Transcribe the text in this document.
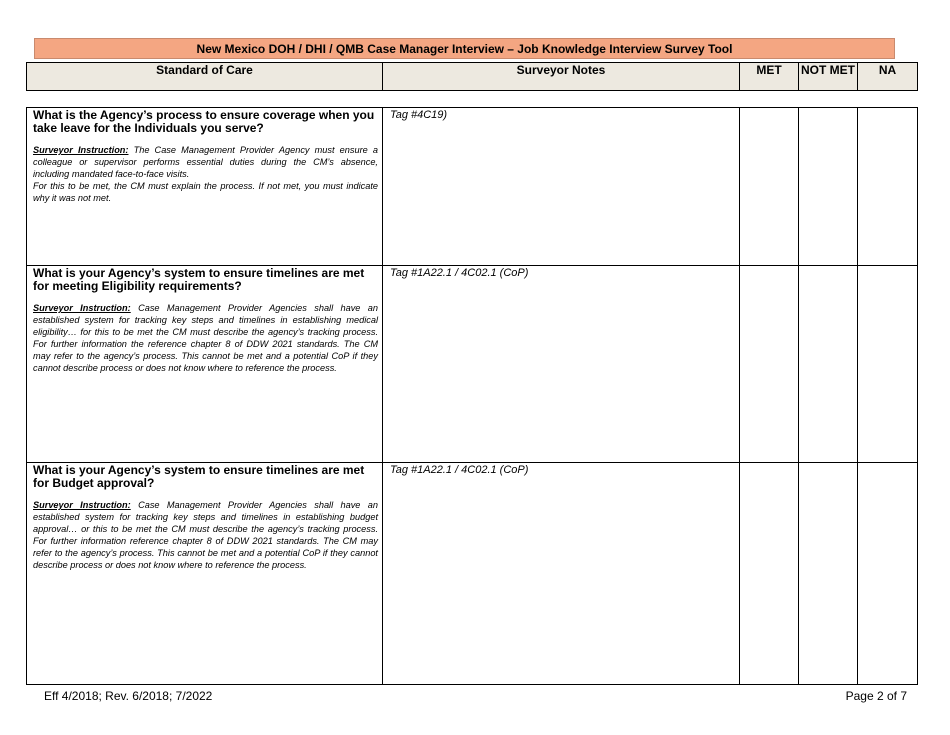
New Mexico DOH / DHI / QMB Case Manager Interview – Job Knowledge Interview Survey Tool
Standard of Care	Surveyor Notes	MET	NOT MET	NA

What is the Agency’s process to ensure coverage when you take leave for the Individuals you serve?

Surveyor Instruction: The Case Management Provider Agency must ensure a colleague or supervisor performs essential duties during the CM’s absence, including mandated face-to-face visits.
For this to be met, the CM must explain the process. If not met, you must indicate why it was not met.	Tag #4C19)			

What is your Agency’s system to ensure timelines are met for meeting Eligibility requirements?

Surveyor Instruction: Case Management Provider Agencies shall have an established system for tracking key steps and timelines in establishing medical eligibility… for this to be met the CM must describe the agency’s tracking process. For further information the reference chapter 8 of DDW 2021 standards. The CM may refer to the agency’s process. This cannot be met and a potential CoP if they cannot describe process or does not know where to reference the process.	Tag #1A22.1 / 4C02.1 (CoP)			

What is your Agency’s system to ensure timelines are met for Budget approval?

Surveyor Instruction: Case Management Provider Agencies shall have an established system for tracking key steps and timelines in establishing budget approval… or this to be met the CM must describe the agency’s tracking process. For further information reference chapter 8 of DDW 2021 standards. The CM may refer to the agency’s process. This cannot be met and a potential CoP if they cannot describe process or does not know where to reference the process.	Tag #1A22.1 / 4C02.1 (CoP)			
Eff 4/2018; Rev. 6/2018; 7/2022	Page 2 of 7
